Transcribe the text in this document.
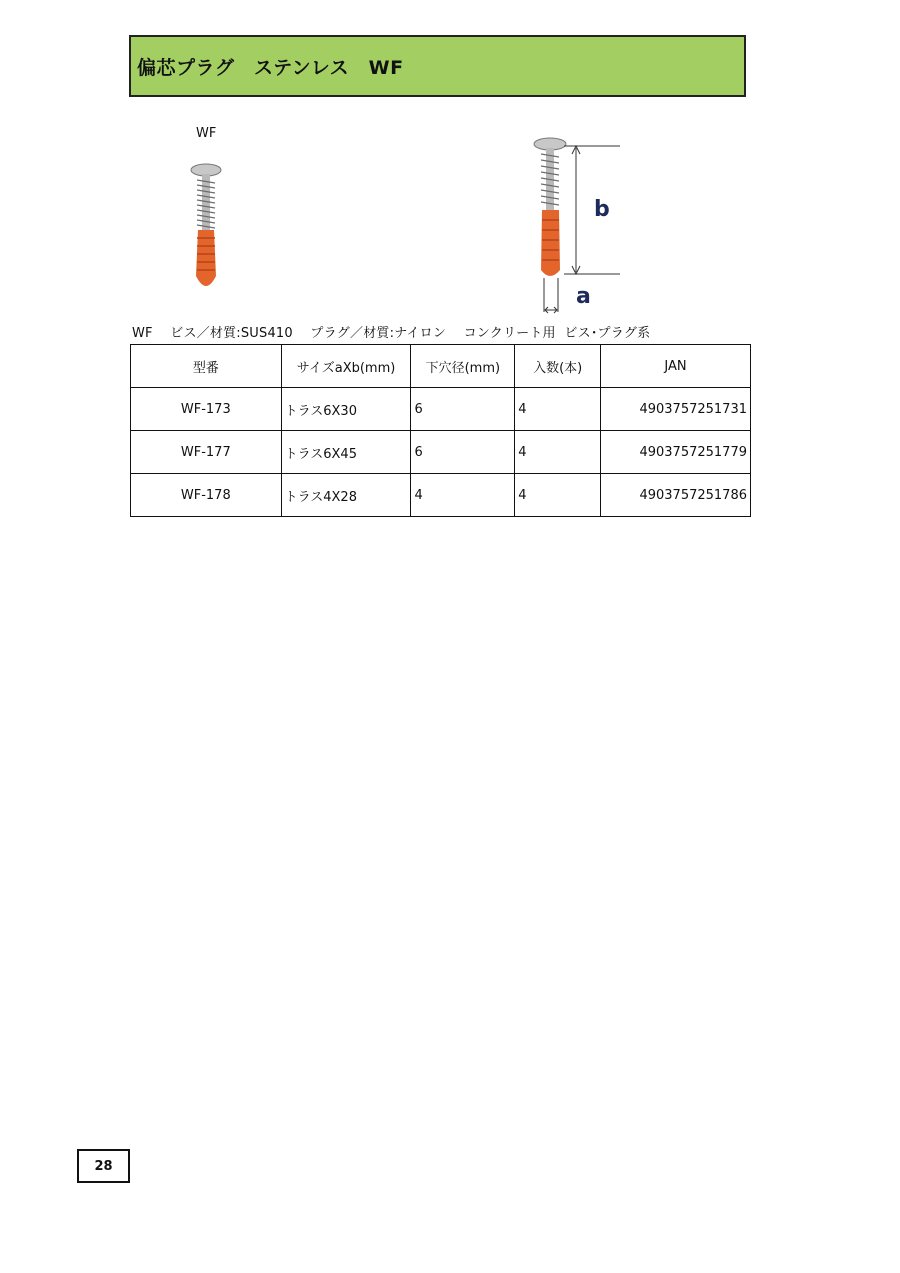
偏芯プラグ　ステンレス　WF
WF
b
a
WF　 ビス／材質:SUS410　 プラグ／材質:ナイロン　 コンクリート用  ビス･プラグ系
型番	サイズaXb(mm)	下穴径(mm)	入数(本)	JAN
WF-173	トラス6X30	6	4	4903757251731
WF-177	トラス6X45	6	4	4903757251779
WF-178	トラス4X28	4	4	4903757251786
28
